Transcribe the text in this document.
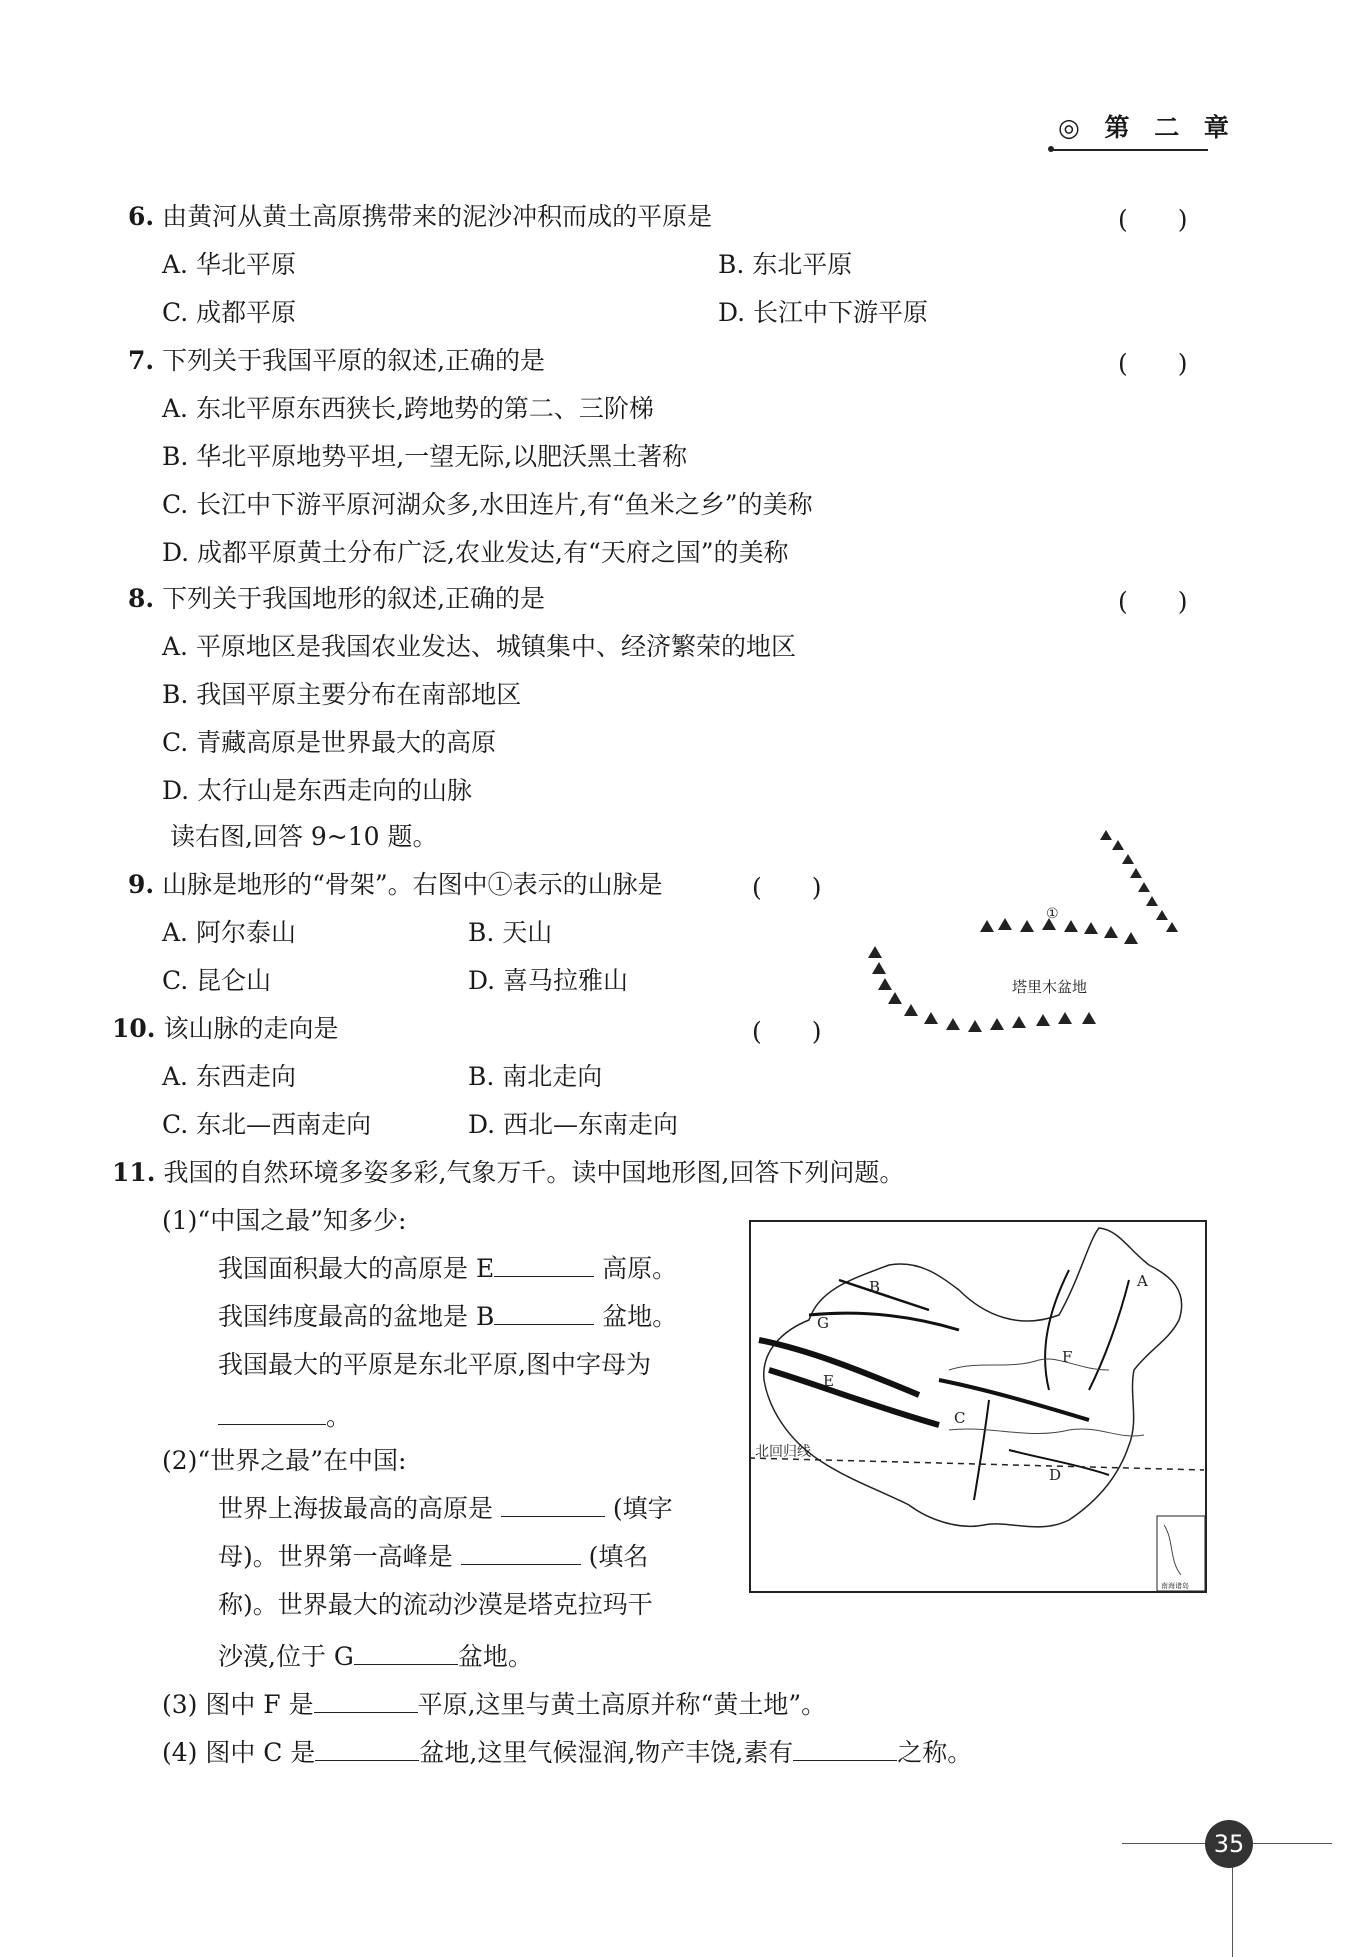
◎ 第 二 章
6. 由黄河从黄土高原携带来的泥沙冲积而成的平原是	(　　)
A. 华北平原	B. 东北平原
C. 成都平原	D. 长江中下游平原
7. 下列关于我国平原的叙述,正确的是	(　　)
A. 东北平原东西狭长,跨地势的第二、三阶梯
B. 华北平原地势平坦,一望无际,以肥沃黑土著称
C. 长江中下游平原河湖众多,水田连片,有“鱼米之乡”的美称
D. 成都平原黄土分布广泛,农业发达,有“天府之国”的美称
8. 下列关于我国地形的叙述,正确的是	(　　)
A. 平原地区是我国农业发达、城镇集中、经济繁荣的地区
B. 我国平原主要分布在南部地区
C. 青藏高原是世界最大的高原
D. 太行山是东西走向的山脉
读右图,回答 9~10 题。
9. 山脉是地形的“骨架”。右图中①表示的山脉是	(　　)
A. 阿尔泰山	B. 天山
C. 昆仑山	D. 喜马拉雅山
10. 该山脉的走向是	(　　)
A. 东西走向	B. 南北走向
C. 东北—西南走向	D. 西北—东南走向
①
塔里木盆地
11. 我国的自然环境多姿多彩,气象万千。读中国地形图,回答下列问题。
(1)“中国之最”知多少:
我国面积最大的高原是 E	高原。
我国纬度最高的盆地是 B	盆地。
我国最大的平原是东北平原,图中字母为
。
(2)“世界之最”在中国:
世界上海拔最高的高原是	(填字
母)。世界第一高峰是	(填名
称)。世界最大的流动沙漠是塔克拉玛干
沙漠,位于 G	盆地。
(3) 图中 F 是	平原,这里与黄土高原并称“黄土地”。
(4) 图中 C 是	盆地,这里气候湿润,物产丰饶,素有	之称。
北回归线
A
B
C
D
E
F
G
南海诸岛
35
